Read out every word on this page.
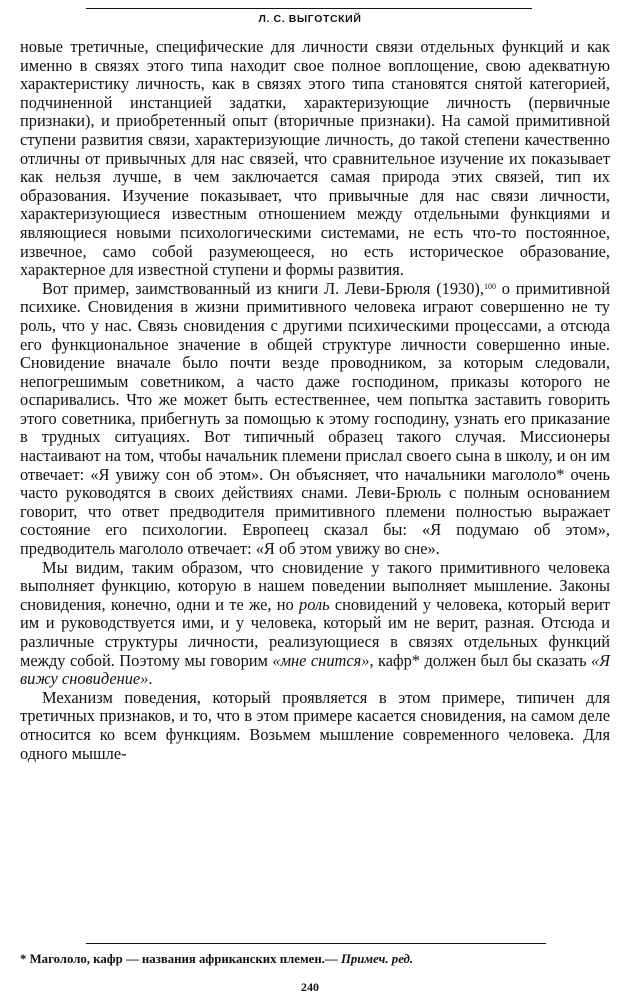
Л. С. ВЫГОТСКИЙ

новые третичные, специфические для личности связи отдельных функций и как именно в связях этого типа находит свое полное воплощение, свою адекватную характеристику личность, как в связях этого типа становятся снятой категорией, подчиненной инстанцией задатки, характеризующие личность (первичные признаки), и приобретенный опыт (вторичные признаки). На самой примитивной ступени развития связи, характеризующие личность, до такой степени качественно отличны от привычных для нас связей, что сравнительное изучение их показывает как нельзя лучше, в чем заключается самая природа этих связей, тип их образования. Изучение показывает, что привычные для нас связи личности, характеризующиеся известным отношением между отдельными функциями и являющиеся новыми психологическими системами, не есть что-то постоянное, извечное, само собой разумеющееся, но есть историческое образование, характерное для известной ступени и формы развития.

Вот пример, заимствованный из книги Л. Леви-Брюля (1930),$^{100}$ о примитивной психике. Сновидения в жизни примитивного человека играют совершенно не ту роль, что у нас. Связь сновидения с другими психическими процессами, а отсюда его функциональное значение в общей структуре личности совершенно иные. Сновидение вначале было почти везде проводником, за которым следовали, непогрешимым советником, а часто даже господином, приказы которого не оспаривались. Что же может быть естественнее, чем попытка заставить говорить этого советника, прибегнуть за помощью к этому господину, узнать его приказание в трудных ситуациях. Вот типичный образец такого случая. Миссионеры настаивают на том, чтобы начальник племени прислал своего сына в школу, и он им отвечает: «Я увижу сон об этом». Он объясняет, что начальники магололо* очень часто руководятся в своих действиях снами. Леви-Брюль с полным основанием говорит, что ответ предводителя примитивного племени полностью выражает состояние его психологии. Европеец сказал бы: «Я подумаю об этом», предводитель магололо отвечает: «Я об этом увижу во сне».

Мы видим, таким образом, что сновидение у такого примитивного человека выполняет функцию, которую в нашем поведении выполняет мышление. Законы сновидения, конечно, одни и те же, но роль сновидений у человека, который верит им и руководствуется ими, и у человека, который им не верит, разная. Отсюда и различные структуры личности, реализующиеся в связях отдельных функций между собой. Поэтому мы говорим «мне снится», кафр* должен был бы сказать «Я вижу сновидение».

Механизм поведения, который проявляется в этом примере, типичен для третичных признаков, и то, что в этом примере касается сновидения, на самом деле относится ко всем функциям. Возьмем мышление современного человека. Для одного мышле-

* Магололо, кафр — названия африканских племен.— Примеч. ред.
240
